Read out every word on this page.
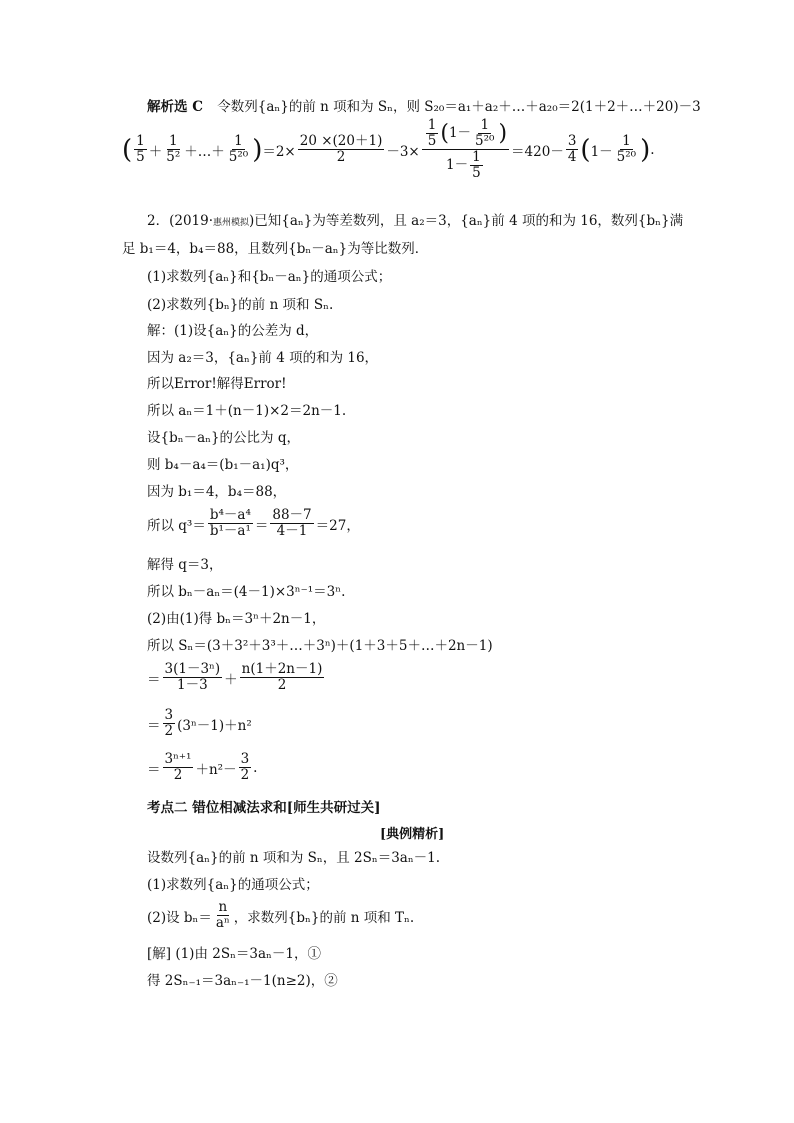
解析选 C 令数列{aₙ}的前 n 项和为 Sₙ，则 S₂₀＝a₁＋a₂＋…＋a₂₀＝2(1＋2＋…＋20)－3
( $\frac{1}{5} + \frac{1}{\text{5²}}$ ＋…＋ $\frac{1}{\text{5²⁰}}$ ) $=2\times \frac{20 \times(20+1)}{2} -3\times \frac{\frac{1}{5} ( 1- \frac{1}{\text{5²⁰}} )}{1- \frac{1}{5}} =420- \frac{3}{4}$ ( $1- \frac{1}{\text{5²⁰}}$ ) .
2．(2019·惠州模拟)已知{aₙ}为等差数列，且 a₂＝3，{aₙ}前 4 项的和为 16，数列{bₙ}满
足 b₁＝4，b₄＝88，且数列{bₙ－aₙ}为等比数列．
(1)求数列{aₙ}和{bₙ－aₙ}的通项公式；
(2)求数列{bₙ}的前 n 项和 Sₙ.
解：(1)设{aₙ}的公差为 d，
因为 a₂＝3，{aₙ}前 4 项的和为 16，
所以Error!解得Error!
所以 aₙ＝1＋(n－1)×2＝2n－1.
设{bₙ－aₙ}的公比为 q，
则 b₄－a₄＝(b₁－a₁)q³，
因为 b₁＝4，b₄＝88，
所以 $q^3= \frac{\text{b⁴－a⁴}}{\text{b¹－a¹}} = \frac{88-7}{4-1} =27$，
解得 q＝3，
所以 bₙ－aₙ＝(4－1)×3ⁿ⁻¹＝3ⁿ.
(2)由(1)得 bₙ＝3ⁿ＋2n－1，
所以 Sₙ＝(3＋3²＋3³＋…＋3ⁿ)＋(1＋3＋5＋…＋2n－1)
＝ $\frac{\text{3(1－3ⁿ)}}{1-3} + \frac{n(1+2n-1)}{2}$
＝ $\frac{3}{2} (3^n-1)+n^2$
＝ $\frac{\text{3ⁿ⁺¹}}{2} +n^2- \frac{3}{2}$ .
考点二 错位相减法求和[师生共研过关]
[典例精析]
设数列{aₙ}的前 n 项和为 Sₙ，且 2Sₙ＝3aₙ－1.
(1)求数列{aₙ}的通项公式；
(2)设 $b_n= \frac{n}{\text{aⁿ}}$ ，求数列{bₙ}的前 n 项和 Tₙ.
[解] (1)由 2Sₙ＝3aₙ－1，①
得 2Sₙ₋₁＝3aₙ₋₁－1(n≥2)，②
